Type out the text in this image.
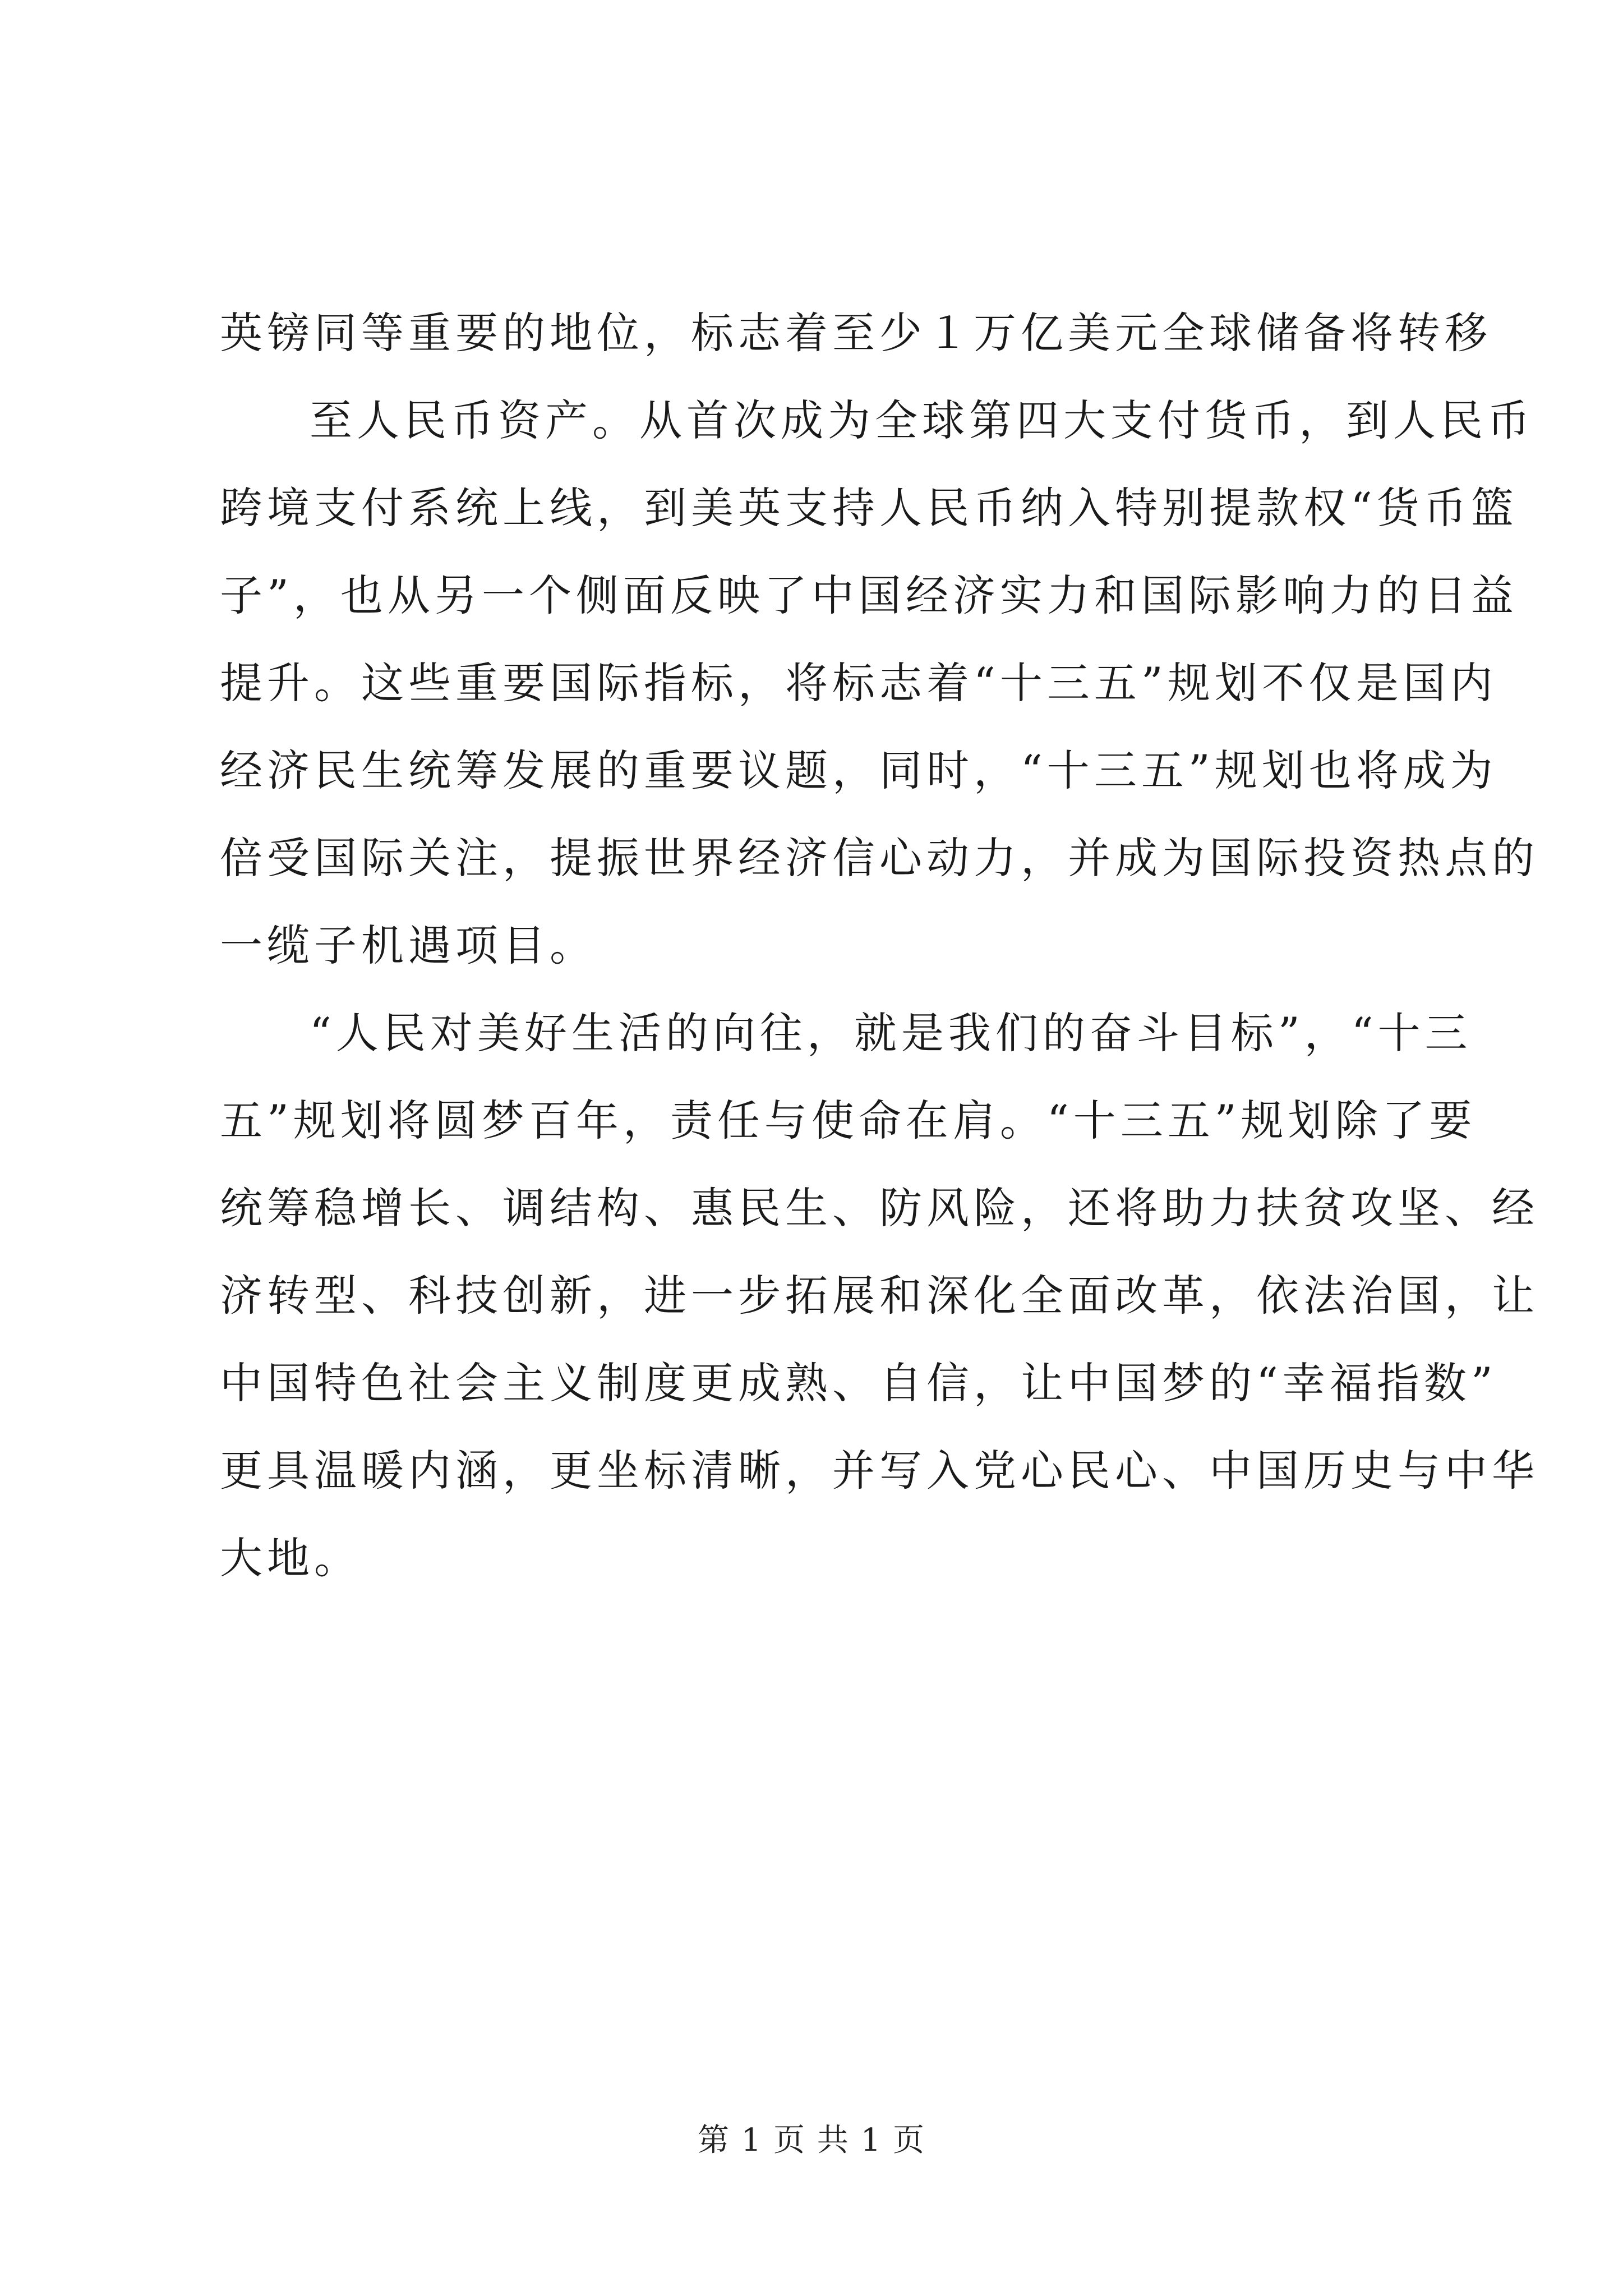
英镑同等重要的地位，标志着至少１万亿美元全球储备将转移
至人民币资产。从首次成为全球第四大支付货币，到人民币
跨境支付系统上线，到美英支持人民币纳入特别提款权“货币篮
子”，也从另一个侧面反映了中国经济实力和国际影响力的日益
提升。这些重要国际指标，将标志着“十三五”规划不仅是国内
经济民生统筹发展的重要议题，同时，“十三五”规划也将成为
倍受国际关注，提振世界经济信心动力，并成为国际投资热点的
一缆子机遇项目。
“人民对美好生活的向往，就是我们的奋斗目标”，“十三
五”规划将圆梦百年，责任与使命在肩。“十三五”规划除了要
统筹稳增长、调结构、惠民生、防风险，还将助力扶贫攻坚、经
济转型、科技创新，进一步拓展和深化全面改革，依法治国，让
中国特色社会主义制度更成熟、自信，让中国梦的“幸福指数”
更具温暖内涵，更坐标清晰，并写入党心民心、中国历史与中华
大地。
第 1 页 共 1 页
